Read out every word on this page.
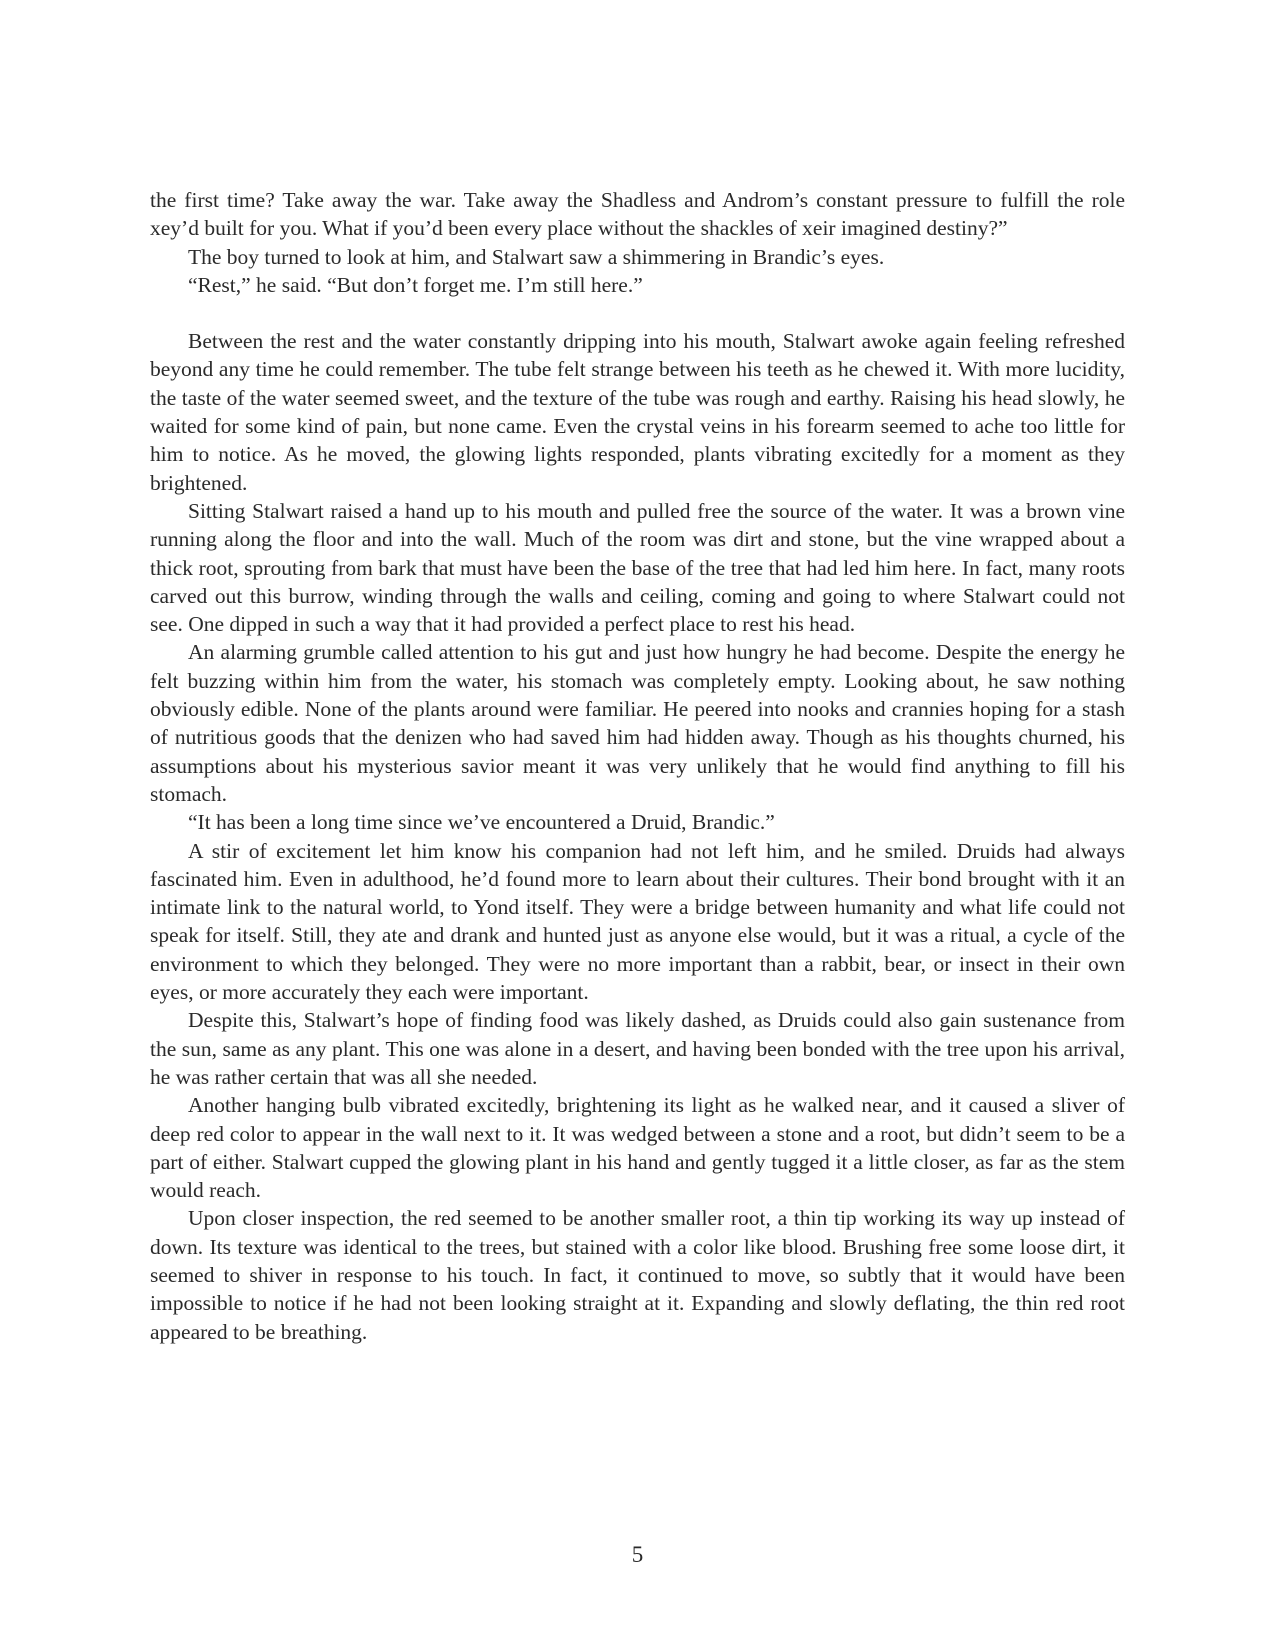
the first time? Take away the war. Take away the Shadless and Androm’s constant pressure to fulfill the role xey’d built for you. What if you’d been every place without the shackles of xeir imagined destiny?”

The boy turned to look at him, and Stalwart saw a shimmering in Brandic’s eyes.

“Rest,” he said. “But don’t forget me. I’m still here.”

Between the rest and the water constantly dripping into his mouth, Stalwart awoke again feeling refreshed beyond any time he could remember. The tube felt strange between his teeth as he chewed it. With more lucidity, the taste of the water seemed sweet, and the texture of the tube was rough and earthy. Raising his head slowly, he waited for some kind of pain, but none came. Even the crystal veins in his forearm seemed to ache too little for him to notice. As he moved, the glowing lights responded, plants vibrating excitedly for a moment as they brightened.

Sitting Stalwart raised a hand up to his mouth and pulled free the source of the water. It was a brown vine running along the floor and into the wall. Much of the room was dirt and stone, but the vine wrapped about a thick root, sprouting from bark that must have been the base of the tree that had led him here. In fact, many roots carved out this burrow, winding through the walls and ceiling, coming and going to where Stalwart could not see. One dipped in such a way that it had provided a perfect place to rest his head.

An alarming grumble called attention to his gut and just how hungry he had become. Despite the energy he felt buzzing within him from the water, his stomach was completely empty. Looking about, he saw nothing obviously edible. None of the plants around were familiar. He peered into nooks and crannies hoping for a stash of nutritious goods that the denizen who had saved him had hidden away. Though as his thoughts churned, his assumptions about his mysterious savior meant it was very unlikely that he would find anything to fill his stomach.

“It has been a long time since we’ve encountered a Druid, Brandic.”

A stir of excitement let him know his companion had not left him, and he smiled. Druids had always fascinated him. Even in adulthood, he’d found more to learn about their cultures. Their bond brought with it an intimate link to the natural world, to Yond itself. They were a bridge between humanity and what life could not speak for itself. Still, they ate and drank and hunted just as anyone else would, but it was a ritual, a cycle of the environment to which they belonged. They were no more important than a rabbit, bear, or insect in their own eyes, or more accurately they each were important.

Despite this, Stalwart’s hope of finding food was likely dashed, as Druids could also gain sustenance from the sun, same as any plant. This one was alone in a desert, and having been bonded with the tree upon his arrival, he was rather certain that was all she needed.

Another hanging bulb vibrated excitedly, brightening its light as he walked near, and it caused a sliver of deep red color to appear in the wall next to it. It was wedged between a stone and a root, but didn’t seem to be a part of either. Stalwart cupped the glowing plant in his hand and gently tugged it a little closer, as far as the stem would reach.

Upon closer inspection, the red seemed to be another smaller root, a thin tip working its way up instead of down. Its texture was identical to the trees, but stained with a color like blood. Brushing free some loose dirt, it seemed to shiver in response to his touch. In fact, it continued to move, so subtly that it would have been impossible to notice if he had not been looking straight at it. Expanding and slowly deflating, the thin red root appeared to be breathing.

5
